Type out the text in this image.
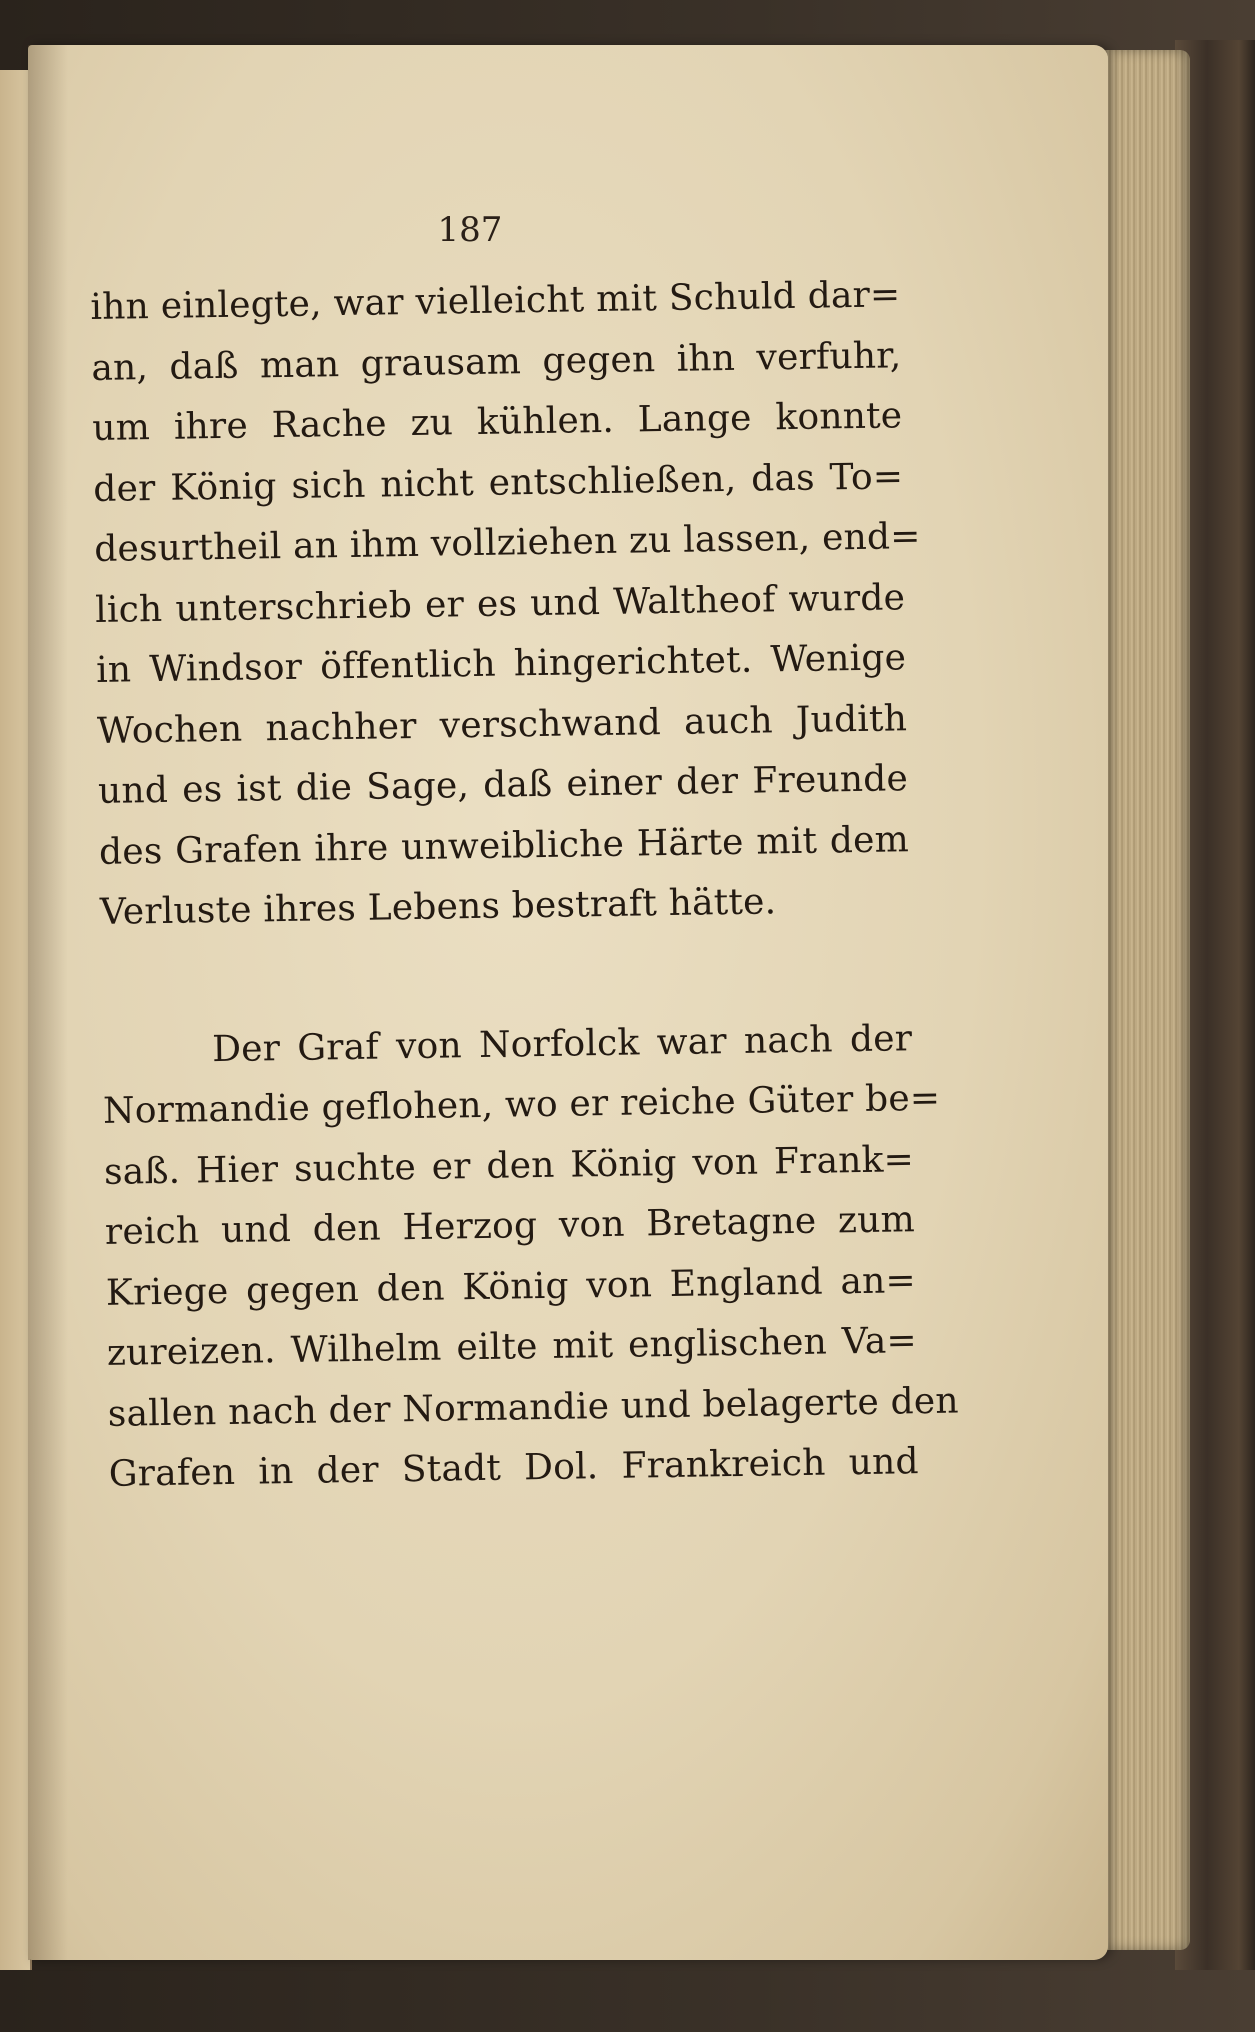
187
ihn einlegte, war vielleicht mit Schuld dar=
an, daß man grausam gegen ihn verfuhr,
um ihre Rache zu kühlen. Lange konnte
der König sich nicht entschließen, das To=
desurtheil an ihm vollziehen zu lassen, end=
lich unterschrieb er es und Waltheof wurde
in Windsor öffentlich hingerichtet. Wenige
Wochen nachher verschwand auch Judith
und es ist die Sage, daß einer der Freunde
des Grafen ihre unweibliche Härte mit dem
Verluste ihres Lebens bestraft hätte.
Der Graf von Norfolck war nach der
Normandie geflohen, wo er reiche Güter be=
saß. Hier suchte er den König von Frank=
reich und den Herzog von Bretagne zum
Kriege gegen den König von England an=
zureizen. Wilhelm eilte mit englischen Va=
sallen nach der Normandie und belagerte den
Grafen in der Stadt Dol. Frankreich und
